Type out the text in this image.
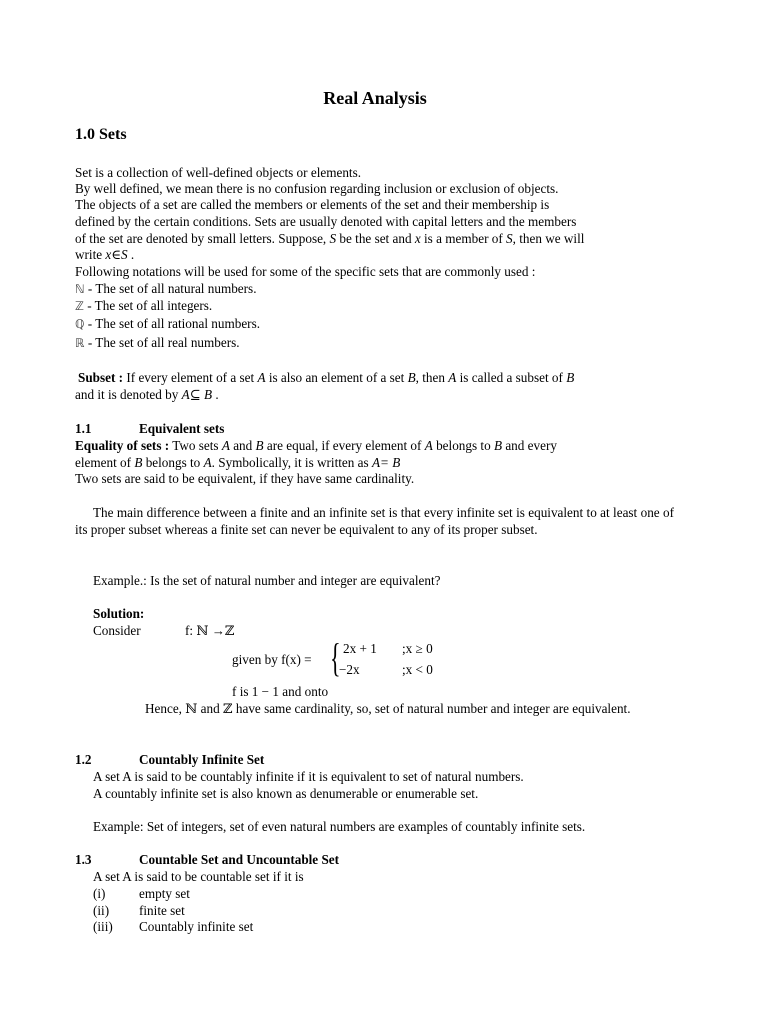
Real Analysis
1.0 Sets
Set is a collection of well-defined objects or elements.
By well defined, we mean there is no confusion regarding inclusion or exclusion of objects.
The objects of a set are called the members or elements of the set and their membership is
defined by the certain conditions. Sets are usually denoted with capital letters and the members
of the set are denoted by small letters. Suppose, S be the set and x is a member of S, then we will
write x∈S .
Following notations will be used for some of the specific sets that are commonly used :
ℕ - The set of all natural numbers.
ℤ - The set of all integers.
ℚ - The set of all rational numbers.
ℝ - The set of all real numbers.
Subset : If every element of a set A is also an element of a set B, then A is called a subset of B
and it is denoted by A⊆ B .
1.1	Equivalent sets
Equality of sets : Two sets A and B are equal, if every element of A belongs to B and every
element of B belongs to A. Symbolically, it is written as A= B
Two sets are said to be equivalent, if they have same cardinality.
The main difference between a finite and an infinite set is that every infinite set is equivalent to at least one of its proper subset whereas a finite set can never be equivalent to any of its proper subset.
Example.: Is the set of natural number and integer are equivalent?
Solution:
Consider	f: ℕ →ℤ
given by f(x) = { 2x + 1 ;x ≥ 0
−2x	;x < 0
f is 1 − 1 and onto
Hence, ℕ and ℤ have same cardinality, so, set of natural number and integer are equivalent.
1.2	Countably Infinite Set
A set A is said to be countably infinite if it is equivalent to set of natural numbers.
A countably infinite set is also known as denumerable or enumerable set.
Example: Set of integers, set of even natural numbers are examples of countably infinite sets.
1.3	Countable Set and Uncountable Set
A set A is said to be countable set if it is
(i)	empty set
(ii) finite set
(iii) Countably infinite set
